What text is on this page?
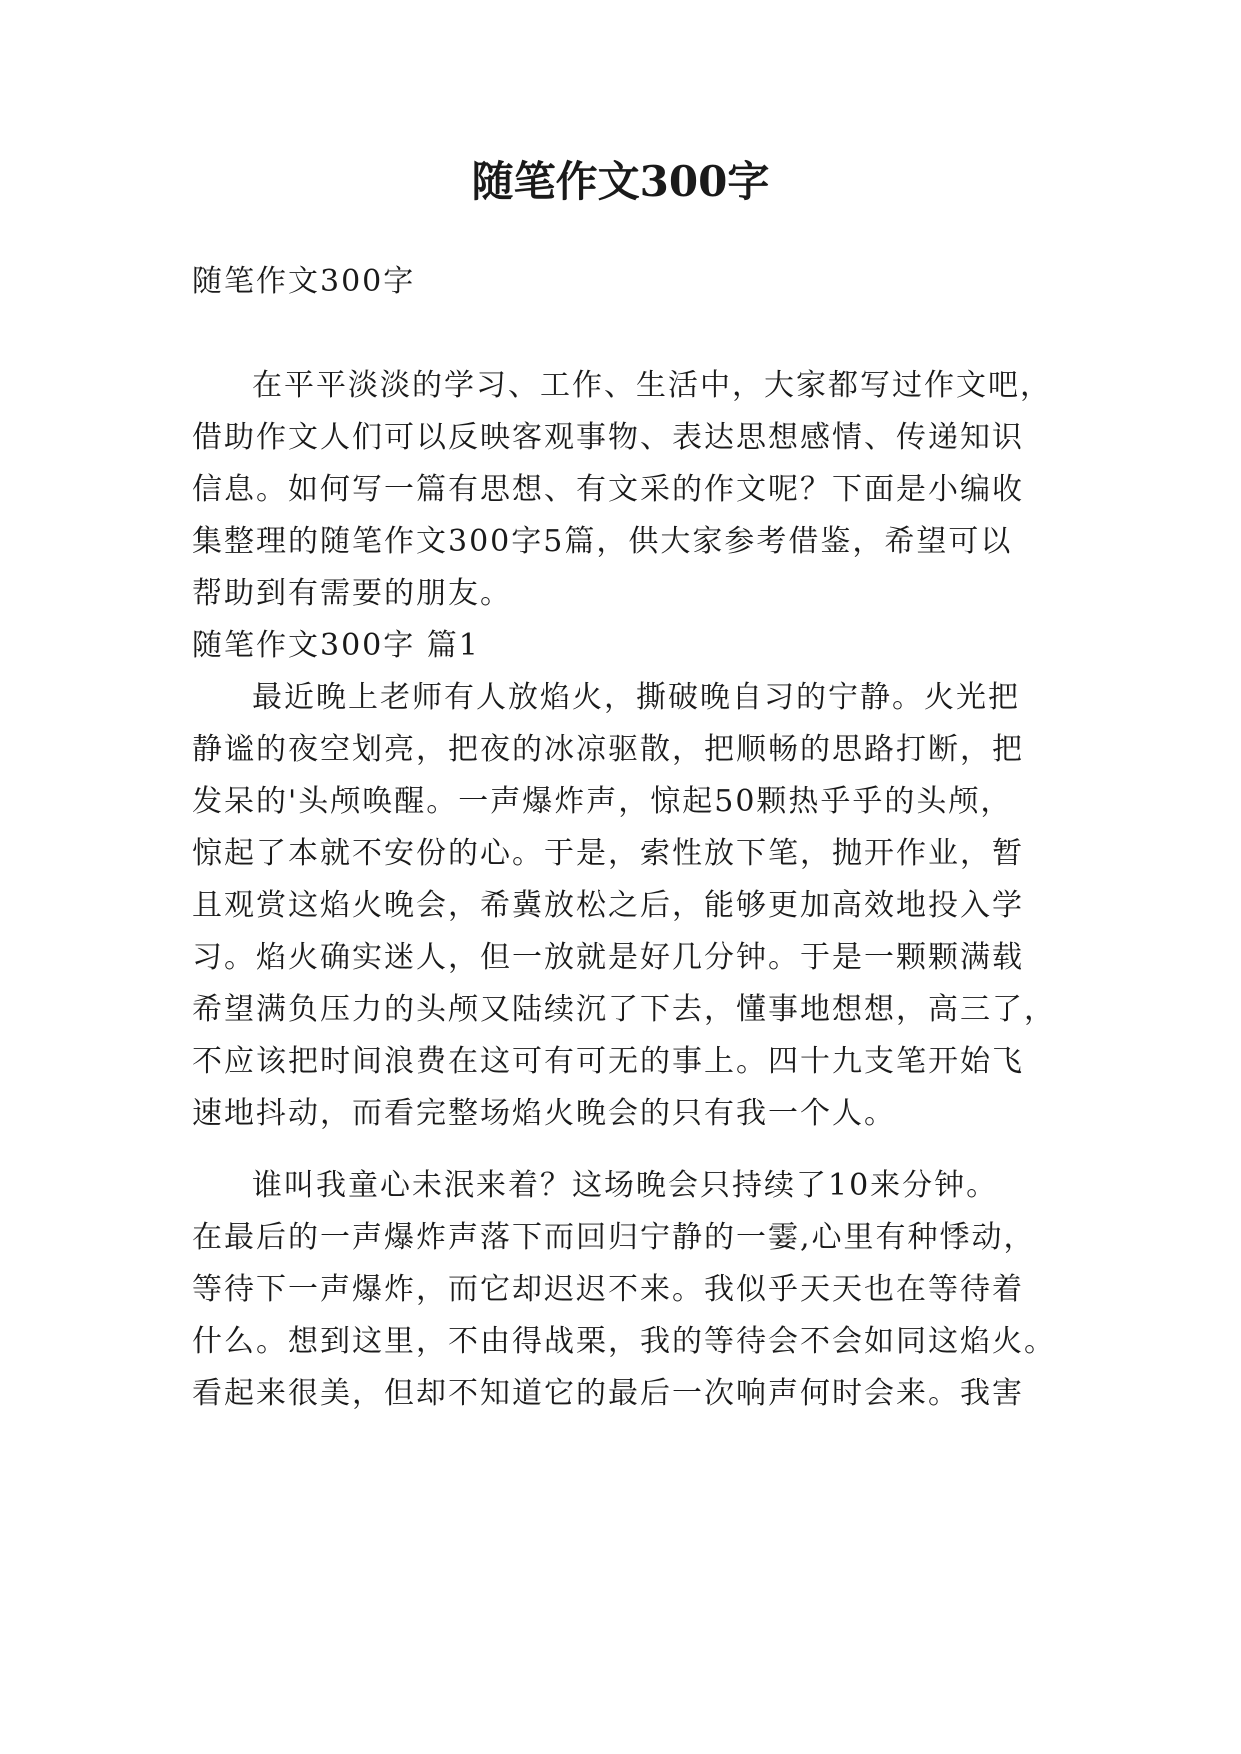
随笔作文300字
随笔作文300字
在平平淡淡的学习、工作、生活中，大家都写过作文吧，
借助作文人们可以反映客观事物、表达思想感情、传递知识
信息。如何写一篇有思想、有文采的作文呢？下面是小编收
集整理的随笔作文300字5篇，供大家参考借鉴，希望可以
帮助到有需要的朋友。
随笔作文300字 篇1
最近晚上老师有人放焰火，撕破晚自习的宁静。火光把
静谧的夜空划亮，把夜的冰凉驱散，把顺畅的思路打断，把
发呆的'头颅唤醒。一声爆炸声，惊起50颗热乎乎的头颅，
惊起了本就不安份的心。于是，索性放下笔，抛开作业，暂
且观赏这焰火晚会，希冀放松之后，能够更加高效地投入学
习。焰火确实迷人，但一放就是好几分钟。于是一颗颗满载
希望满负压力的头颅又陆续沉了下去，懂事地想想，高三了，
不应该把时间浪费在这可有可无的事上。四十九支笔开始飞
速地抖动，而看完整场焰火晚会的只有我一个人。
谁叫我童心未泯来着？这场晚会只持续了10来分钟。
在最后的一声爆炸声落下而回归宁静的一霎,心里有种悸动，
等待下一声爆炸，而它却迟迟不来。我似乎天天也在等待着
什么。想到这里，不由得战栗，我的等待会不会如同这焰火。
看起来很美，但却不知道它的最后一次响声何时会来。我害
